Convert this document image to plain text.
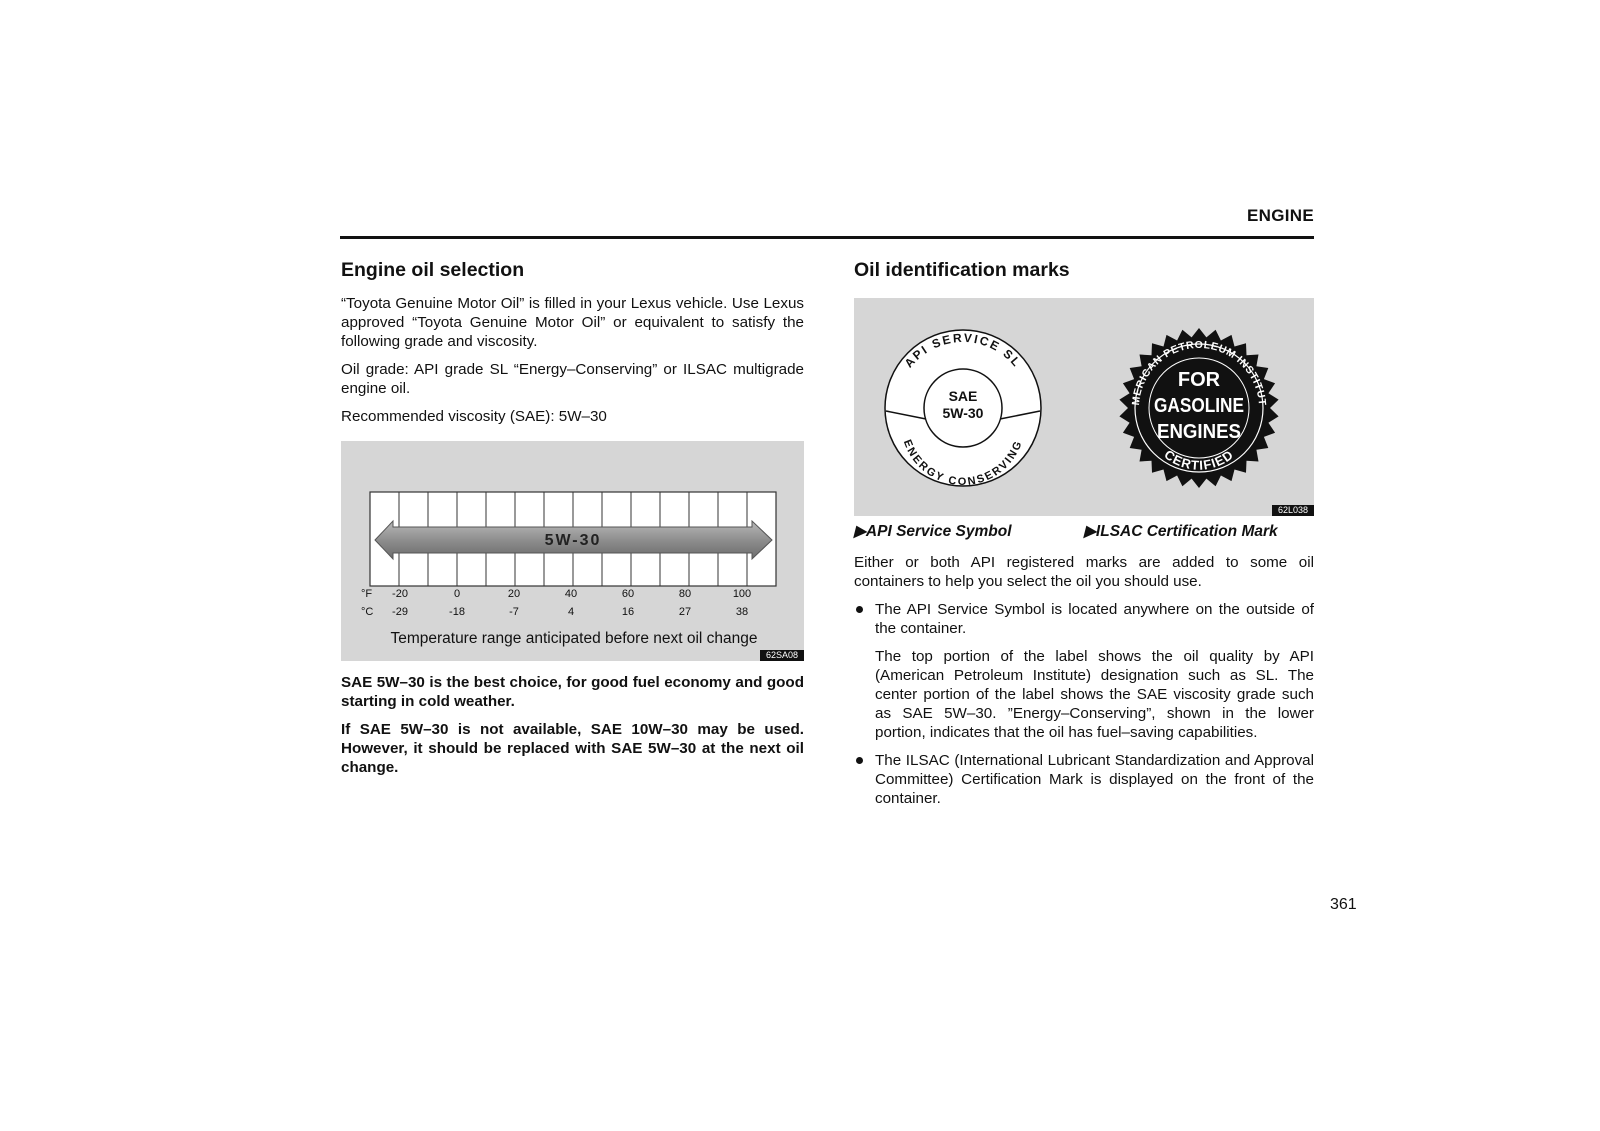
ENGINE
Engine oil selection

“Toyota Genuine Motor Oil” is filled in your Lexus vehicle. Use Lexus approved “Toyota Genuine Motor Oil” or equivalent to satisfy the following grade and viscosity.

Oil grade: API grade SL “Energy–Conserving” or ILSAC multigrade engine oil.

Recommended viscosity (SAE): 5W–30

5W-30
°F
°C
-20	0	20	40	60	80	100
-29	-18	-7	4	16	27	38
Temperature range anticipated before next oil change
62SA08

SAE 5W–30 is the best choice, for good fuel economy and good starting in cold weather.

If SAE 5W–30 is not available, SAE 10W–30 may be used. However, it should be replaced with SAE 5W–30 at the next oil change.

Oil identification marks
API SERVICE SL
ENERGY CONSERVING
SAE
5W-30
MERICAN PETROLEUM INSTITUT
CERTIFIED
FOR
GASOLINE
ENGINES
62L038
▶API Service Symbol	▶ILSAC Certification Mark

Either or both API registered marks are added to some oil containers to help you select the oil you should use.

The API Service Symbol is located anywhere on the outside of the container.

The top portion of the label shows the oil quality by API (American Petroleum Institute) designation such as SL. The center portion of the label shows the SAE viscosity grade such as SAE 5W–30. ”Energy–Conserving”, shown in the lower portion, indicates that the oil has fuel–saving capabilities.

The ILSAC (International Lubricant Standardization and Approval Committee) Certification Mark is displayed on the front of the container.

361
